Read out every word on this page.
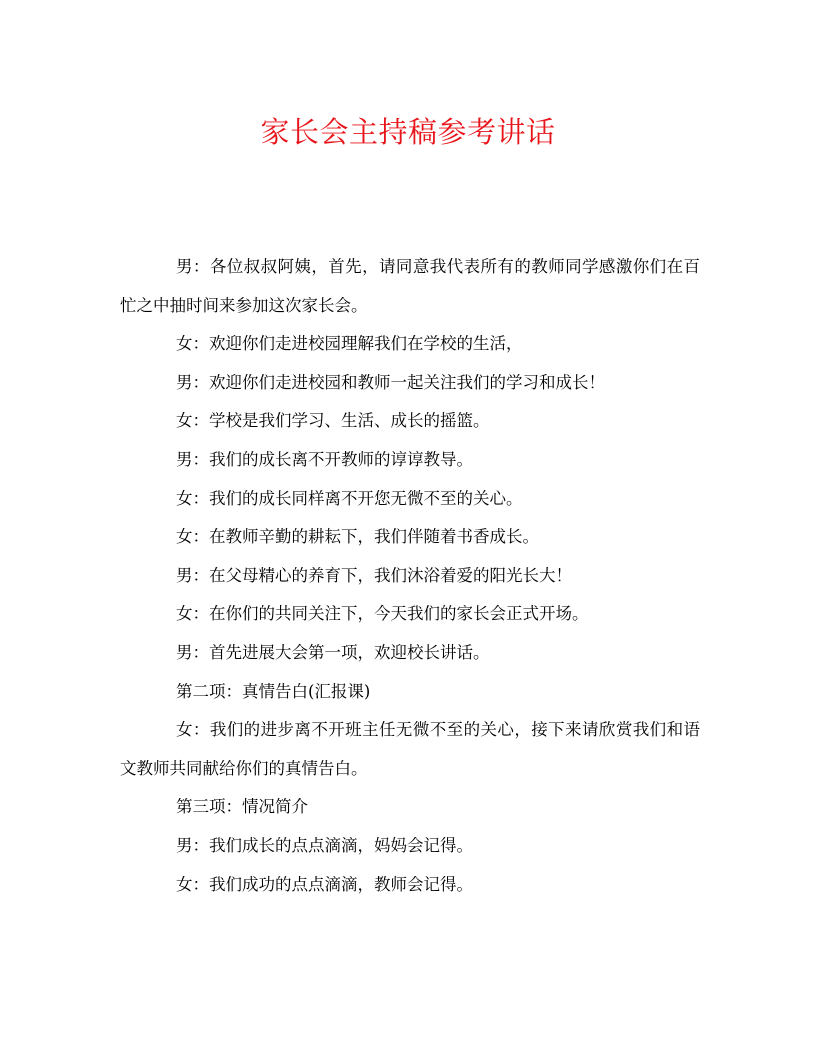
家长会主持稿参考讲话

男：各位叔叔阿姨，首先，请同意我代表所有的教师同学感激你们在百忙之中抽时间来参加这次家长会。

女：欢迎你们走进校园理解我们在学校的生活，

男：欢迎你们走进校园和教师一起关注我们的学习和成长！

女：学校是我们学习、生活、成长的摇篮。

男：我们的成长离不开教师的谆谆教导。

女：我们的成长同样离不开您无微不至的关心。

女：在教师辛勤的耕耘下，我们伴随着书香成长。

男：在父母精心的养育下，我们沐浴着爱的阳光长大！

女：在你们的共同关注下，今天我们的家长会正式开场。

男：首先进展大会第一项，欢迎校长讲话。

第二项：真情告白(汇报课)

女：我们的进步离不开班主任无微不至的关心，接下来请欣赏我们和语文教师共同献给你们的真情告白。

第三项：情况简介

男：我们成长的点点滴滴，妈妈会记得。

女：我们成功的点点滴滴，教师会记得。
